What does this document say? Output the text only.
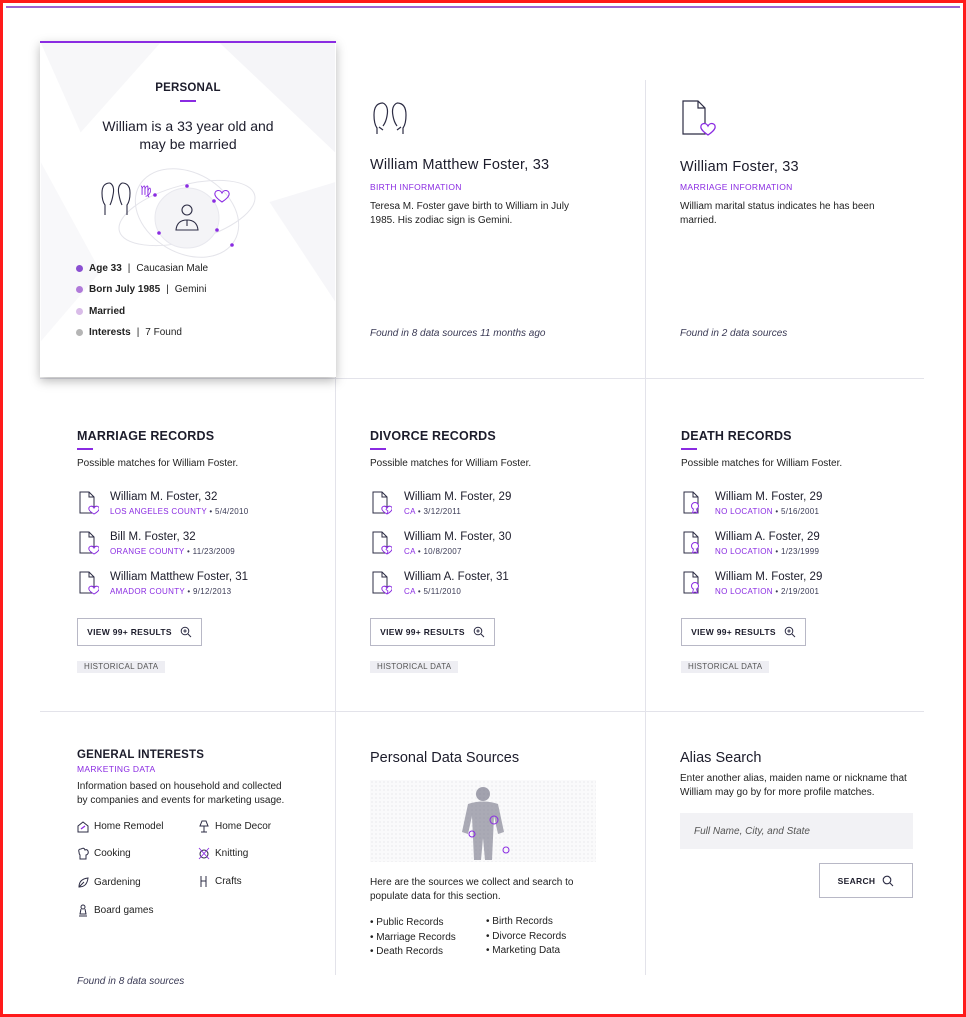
PERSONAL
William is a 33 year old and
may be married
♍
Age 33 | Caucasian Male
Born July 1985 | Gemini
Married
Interests | 7 Found
William Matthew Foster, 33
BIRTH INFORMATION
Teresa M. Foster gave birth to William in July
1985. His zodiac sign is Gemini.
Found in 8 data sources 11 months ago
William Foster, 33
MARRIAGE INFORMATION
William marital status indicates he has been
married.
Found in 2 data sources
MARRIAGE RECORDS
Possible matches for William Foster.
William M. Foster, 32
LOS ANGELES COUNTY • 5/4/2010
Bill M. Foster, 32
ORANGE COUNTY • 11/23/2009
William Matthew Foster, 31
AMADOR COUNTY • 9/12/2013
VIEW 99+ RESULTS
HISTORICAL DATA
DIVORCE RECORDS
Possible matches for William Foster.
William M. Foster, 29
CA • 3/12/2011
William M. Foster, 30
CA • 10/8/2007
William A. Foster, 31
CA • 5/11/2010
VIEW 99+ RESULTS
HISTORICAL DATA
DEATH RECORDS
Possible matches for William Foster.
William M. Foster, 29
NO LOCATION • 5/16/2001
William A. Foster, 29
NO LOCATION • 1/23/1999
William M. Foster, 29
NO LOCATION • 2/19/2001
VIEW 99+ RESULTS
HISTORICAL DATA
GENERAL INTERESTS
MARKETING DATA
Information based on household and collected
by companies and events for marketing usage.
Home Remodel	Home Decor
Cooking	Knitting
Gardening	Crafts
Board games
Found in 8 data sources
Personal Data Sources
Here are the sources we collect and search to
populate data for this section.
• Public Records
• Marriage Records
• Death Records
• Birth Records
• Divorce Records
• Marketing Data
Alias Search
Enter another alias, maiden name or nickname that
William may go by for more profile matches.
Full Name, City, and State
SEARCH
